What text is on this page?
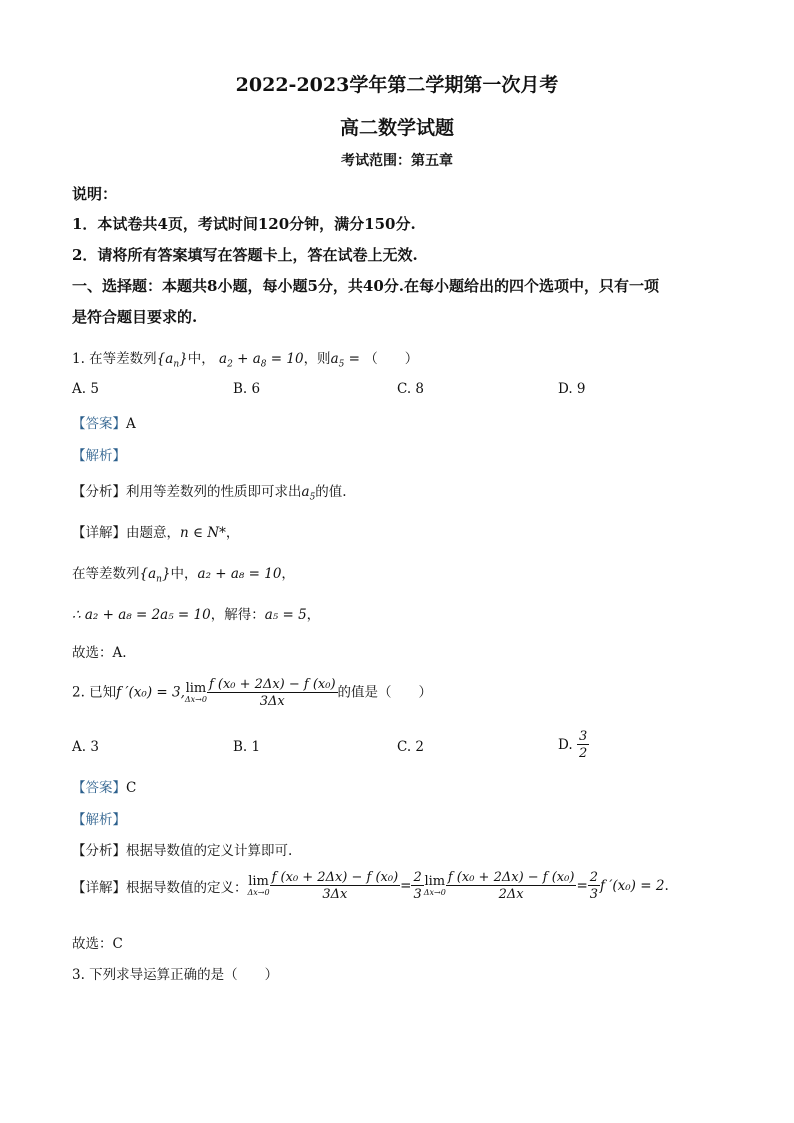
2022-2023学年第二学期第一次月考
高二数学试题
考试范围：第五章
说明：
1．本试卷共4页，考试时间120分钟，满分150分.
2．请将所有答案填写在答题卡上，答在试卷上无效.
一、选择题：本题共8小题，每小题5分，共40分.在每小题给出的四个选项中，只有一项
是符合题目要求的.
1. 在等差数列$\{a_n\}$中， $a_2 + a_8 = 10$，则$a_5$ = （　　）
A. 5	B. 6	C. 8	D. 9
【答案】A
【解析】
【分析】利用等差数列的性质即可求出$a_5$的值.
【详解】由题意，n ∈ N*，
在等差数列$\{a_n\}$中，a₂ + a₈ = 10，
∴ a₂ + a₈ = 2a₅ = 10，解得：a₅ = 5，
故选：A.
2. 已知f ′(x₀) = 3, lim
$\Delta x\to 0 \frac{\text{f (x₀ + 2Δx) − f (x₀)}}{3\Delta x}$ 的值是（　　）
A. 3	B. 1	C. 2	D. $\frac{3}{2}$
【答案】C
【解析】
【分析】根据导数值的定义计算即可.
【详解】根据导数值的定义： lim
$\Delta x\to 0 \frac{\text{f (x₀ + 2Δx) − f (x₀)}}{3\Delta x} = \frac{2}{3}$ lim
$\Delta x\to 0 \frac{\text{f (x₀ + 2Δx) − f (x₀)}}{2\Delta x} = \frac{2}{3}$ f ′(x₀) = 2.
故选：C
3. 下列求导运算正确的是（　　）
